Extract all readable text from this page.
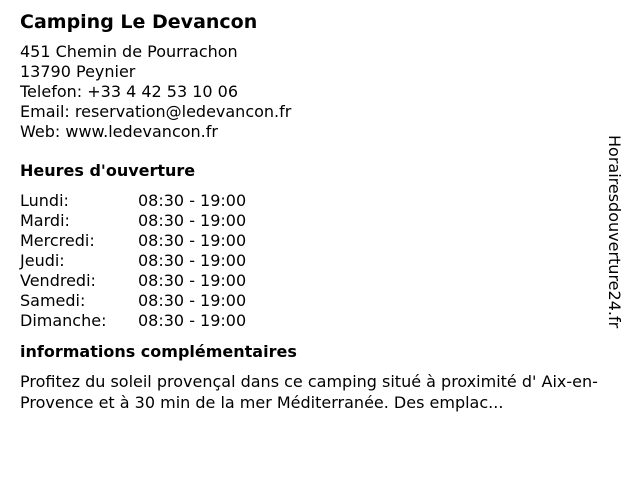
Camping Le Devancon
451 Chemin de Pourrachon
13790 Peynier
Telefon: +33 4 42 53 10 06
Email: reservation@ledevancon.fr
Web: www.ledevancon.fr
Heures d'ouverture
Lundi:	08:30 - 19:00
Mardi:	08:30 - 19:00
Mercredi:	08:30 - 19:00
Jeudi:	08:30 - 19:00
Vendredi:	08:30 - 19:00
Samedi:	08:30 - 19:00
Dimanche:	08:30 - 19:00
informations complémentaires

Profitez du soleil provençal dans ce camping situé à proximité d' Aix-en-Provence et à 30 min de la mer Méditerranée. Des emplac...

Horairesdouverture24.fr
